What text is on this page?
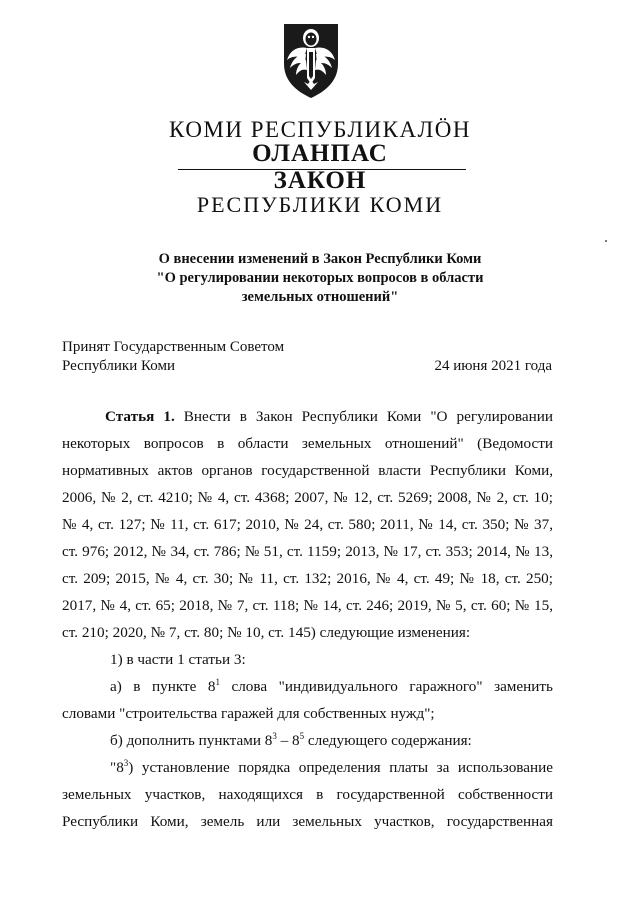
КОМИ РЕСПУБЛИКАЛӦН
ОЛАНПАС
ЗАКОН
РЕСПУБЛИКИ КОМИ
О внесении изменений в Закон Республики Коми
"О регулировании некоторых вопросов в области
земельных отношений"
Принят Государственным Советом
Республики Коми	24 июня 2021 года
Статья 1. Внести в Закон Республики Коми "О регулировании
некоторых вопросов в области земельных отношений" (Ведомости
нормативных актов органов государственной власти Республики Коми,
2006, № 2, ст. 4210; № 4, ст. 4368; 2007, № 12, ст. 5269; 2008, № 2, ст. 10;
№ 4, ст. 127; № 11, ст. 617; 2010, № 24, ст. 580; 2011, № 14, ст. 350; № 37,
ст. 976; 2012, № 34, ст. 786; № 51, ст. 1159; 2013, № 17, ст. 353; 2014, № 13,
ст. 209; 2015, № 4, ст. 30; № 11, ст. 132; 2016, № 4, ст. 49; № 18, ст. 250;
2017, № 4, ст. 65; 2018, № 7, ст. 118; № 14, ст. 246; 2019, № 5, ст. 60; № 15,
ст. 210; 2020, № 7, ст. 80; № 10, ст. 145) следующие изменения:
1) в части 1 статьи 3:
а) в пункте $8^1$ слова "индивидуального гаражного" заменить
словами "строительства гаражей для собственных нужд";
б) дополнить пунктами $8^3 - 8^5$ следующего содержания:
"$8^3$) установление порядка определения платы за использование
земельных участков, находящихся в государственной собственности
Республики Коми, земель или земельных участков, государственная
